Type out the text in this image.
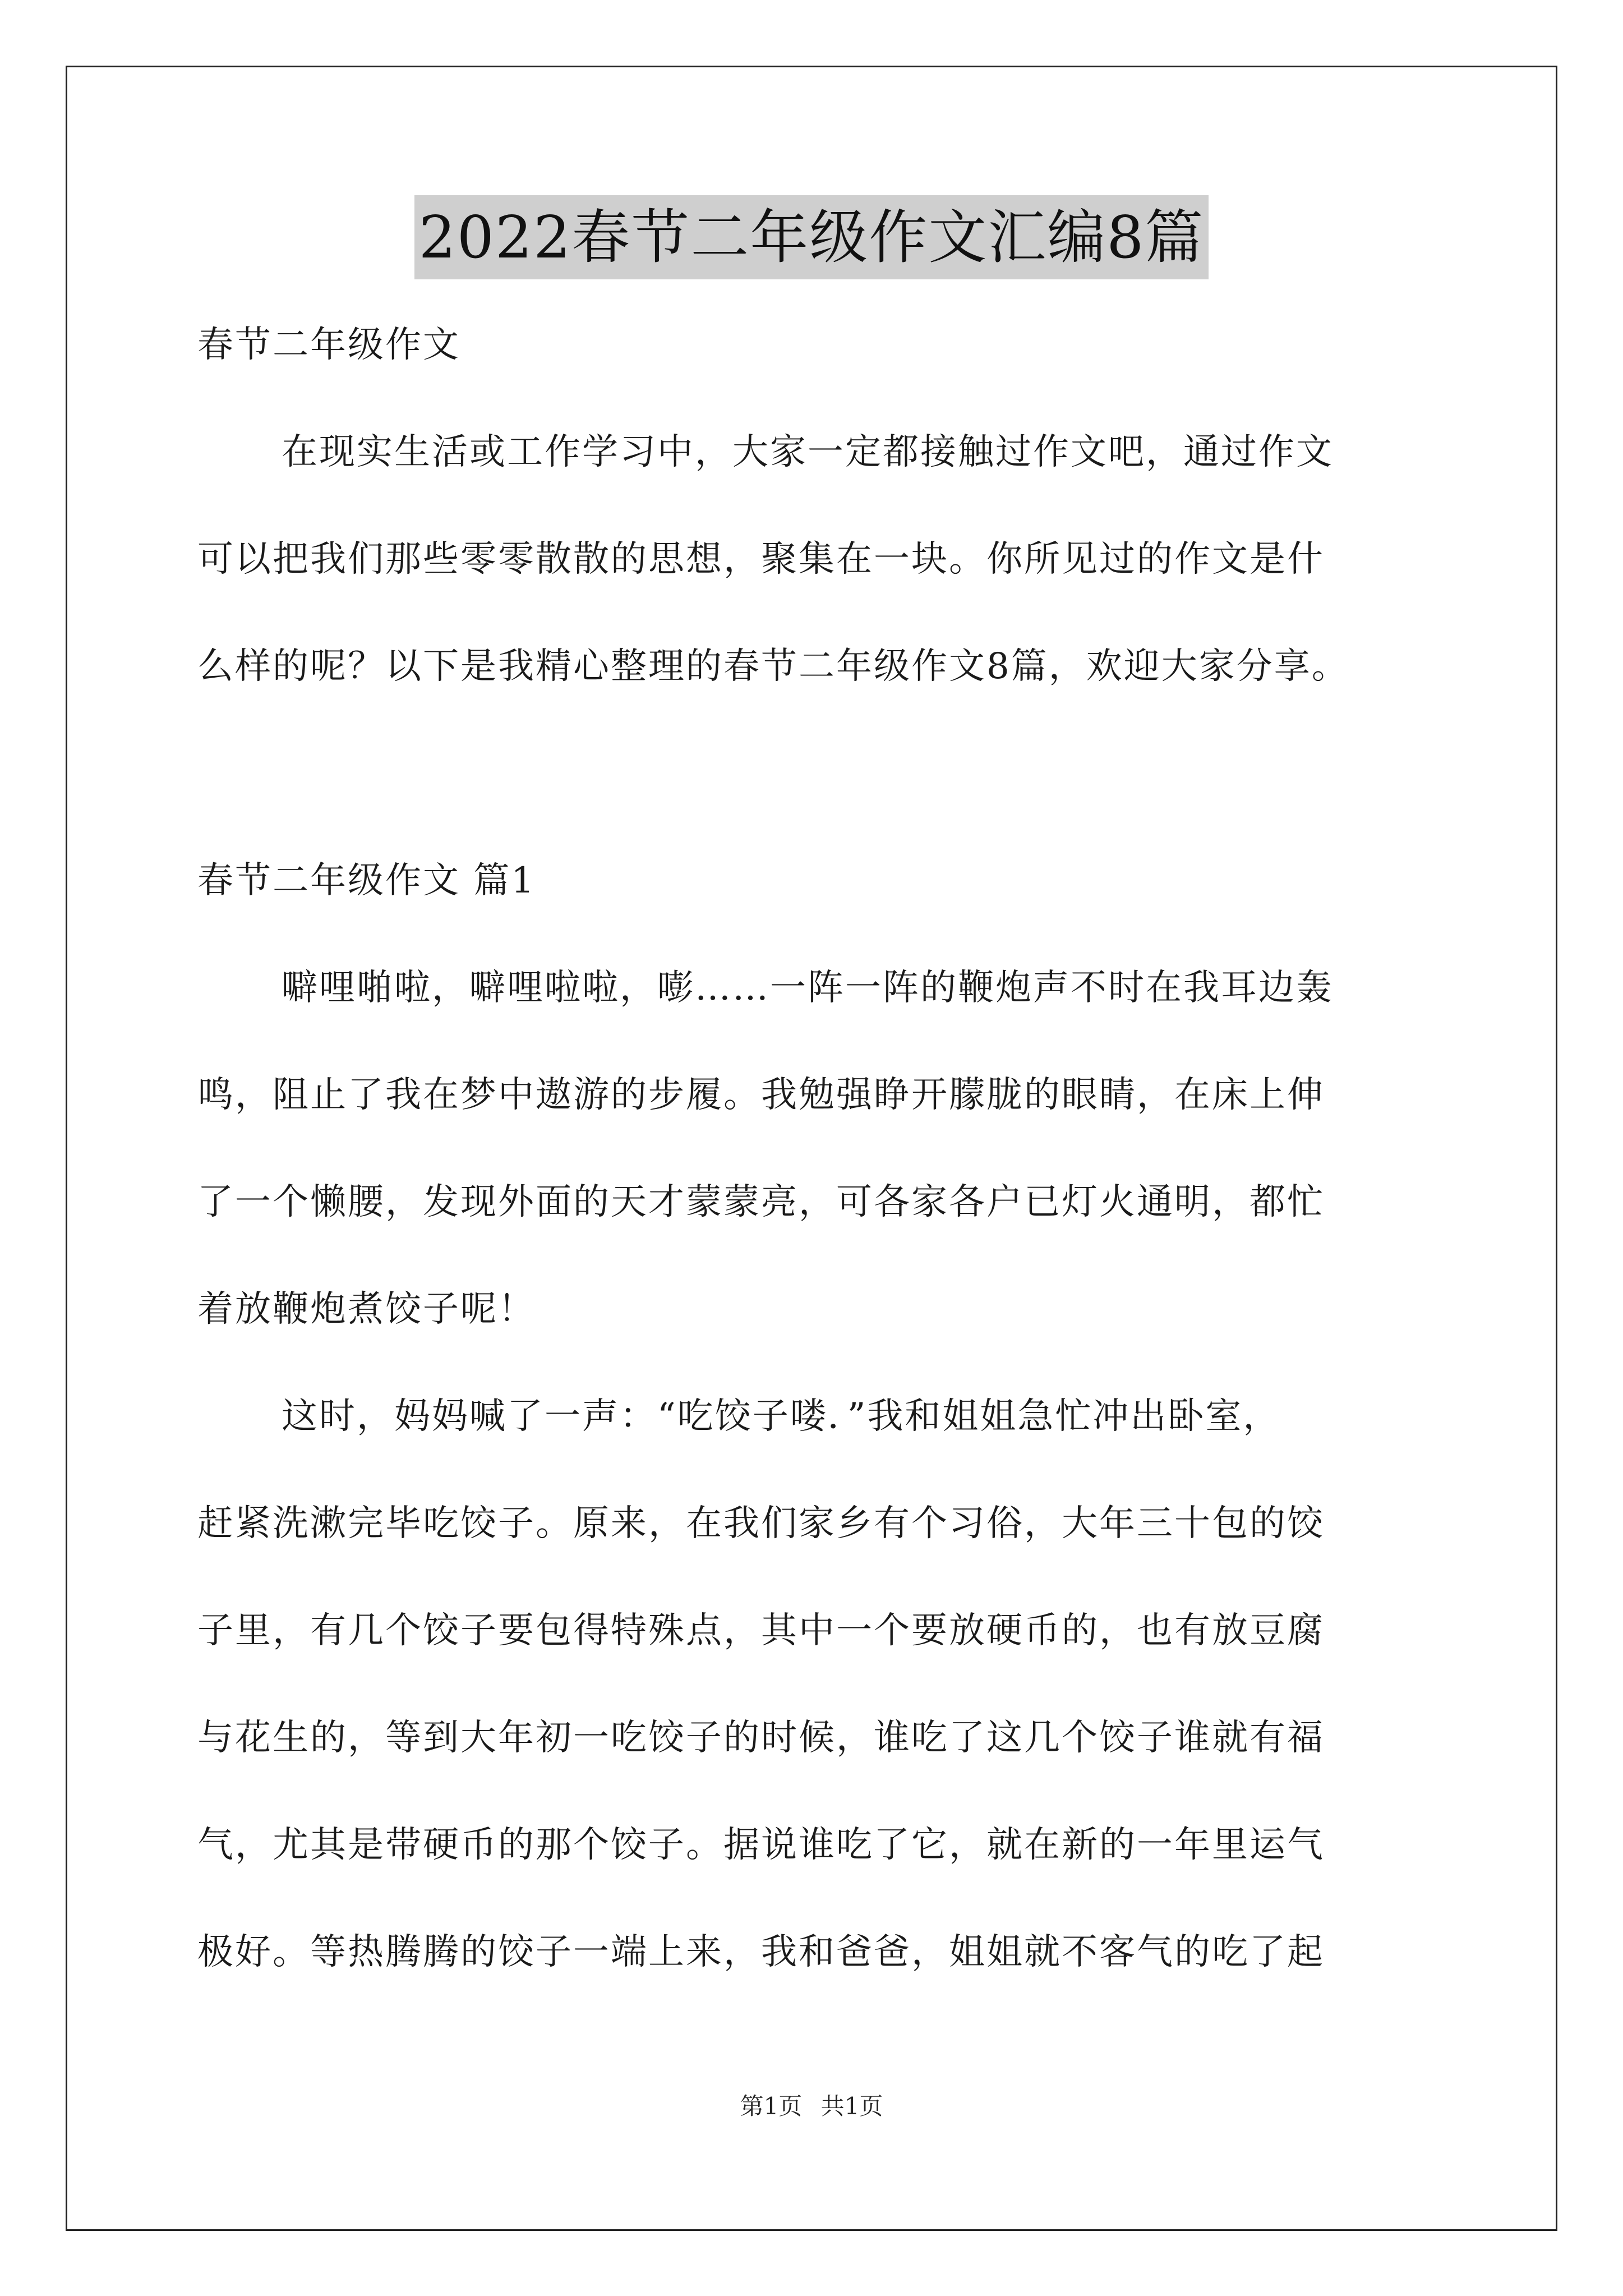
2022春节二年级作文汇编8篇
春节二年级作文
在现实生活或工作学习中，大家一定都接触过作文吧，通过作文
可以把我们那些零零散散的思想，聚集在一块。你所见过的作文是什
么样的呢？以下是我精心整理的春节二年级作文8篇，欢迎大家分享。
春节二年级作文 篇1
噼哩啪啦，噼哩啦啦，嘭……一阵一阵的鞭炮声不时在我耳边轰
鸣，阻止了我在梦中遨游的步履。我勉强睁开朦胧的眼睛，在床上伸
了一个懒腰，发现外面的天才蒙蒙亮，可各家各户已灯火通明，都忙
着放鞭炮煮饺子呢！
这时，妈妈喊了一声：“吃饺子喽．”我和姐姐急忙冲出卧室，
赶紧洗漱完毕吃饺子。原来，在我们家乡有个习俗，大年三十包的饺
子里，有几个饺子要包得特殊点，其中一个要放硬币的，也有放豆腐
与花生的，等到大年初一吃饺子的时候，谁吃了这几个饺子谁就有福
气，尤其是带硬币的那个饺子。据说谁吃了它，就在新的一年里运气
极好。等热腾腾的饺子一端上来，我和爸爸，姐姐就不客气的吃了起
第1页 共1页
